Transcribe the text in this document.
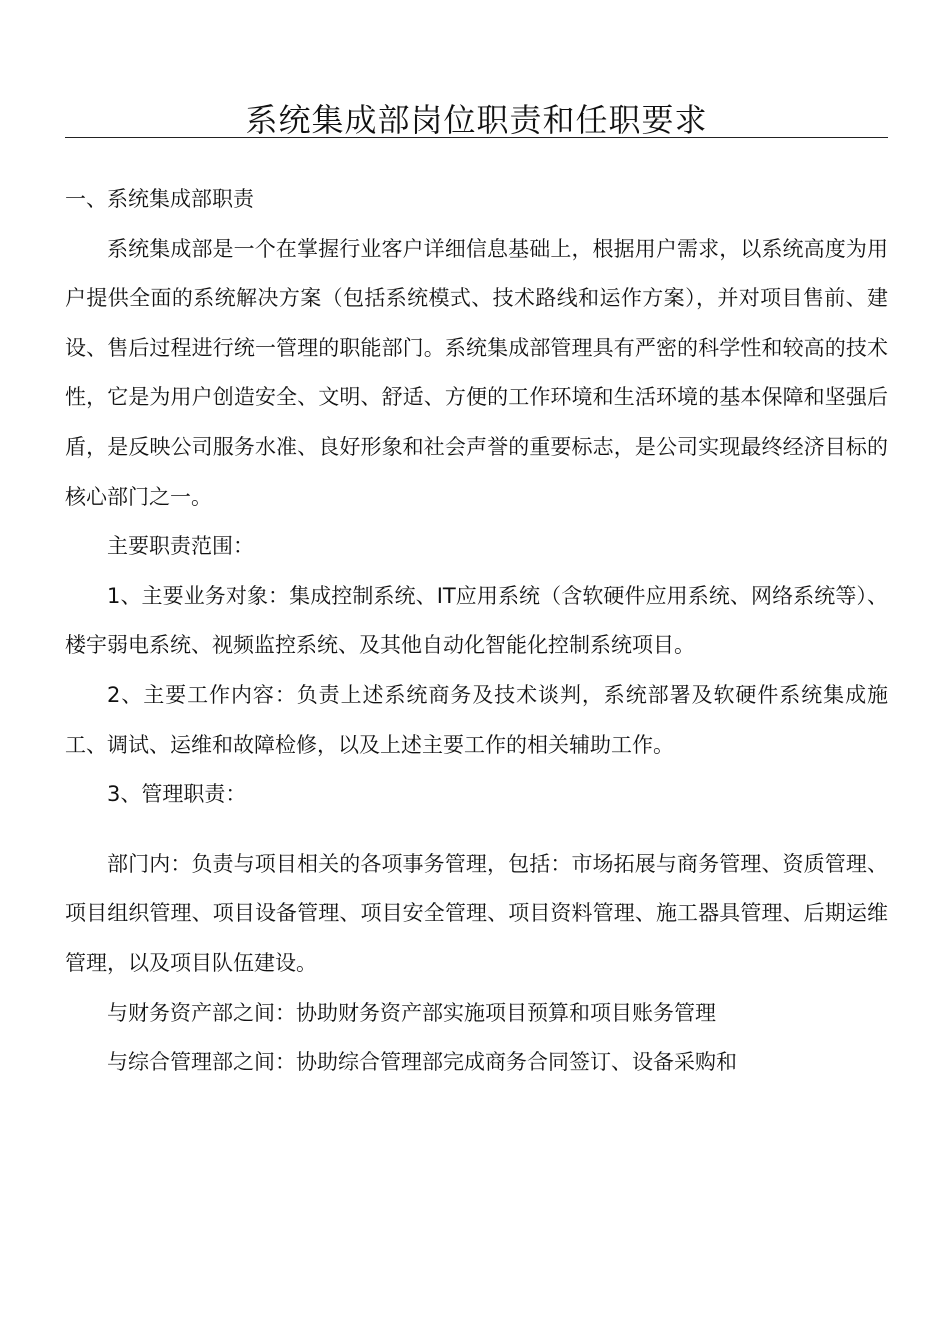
系统集成部岗位职责和任职要求

一、系统集成部职责

系统集成部是一个在掌握行业客户详细信息基础上，根据用户需求，以系统高度为用户提供全面的系统解决方案（包括系统模式、技术路线和运作方案），并对项目售前、建设、售后过程进行统一管理的职能部门。系统集成部管理具有严密的科学性和较高的技术性，它是为用户创造安全、文明、舒适、方便的工作环境和生活环境的基本保障和坚强后盾，是反映公司服务水准、良好形象和社会声誉的重要标志，是公司实现最终经济目标的核心部门之一。

主要职责范围：

1、主要业务对象：集成控制系统、IT应用系统（含软硬件应用系统、网络系统等）、楼宇弱电系统、视频监控系统、及其他自动化智能化控制系统项目。

2、主要工作内容：负责上述系统商务及技术谈判，系统部署及软硬件系统集成施工、调试、运维和故障检修，以及上述主要工作的相关辅助工作。

3、管理职责：

部门内：负责与项目相关的各项事务管理，包括：市场拓展与商务管理、资质管理、项目组织管理、项目设备管理、项目安全管理、项目资料管理、施工器具管理、后期运维管理，以及项目队伍建设。

与财务资产部之间：协助财务资产部实施项目预算和项目账务管理

与综合管理部之间：协助综合管理部完成商务合同签订、设备采购和
